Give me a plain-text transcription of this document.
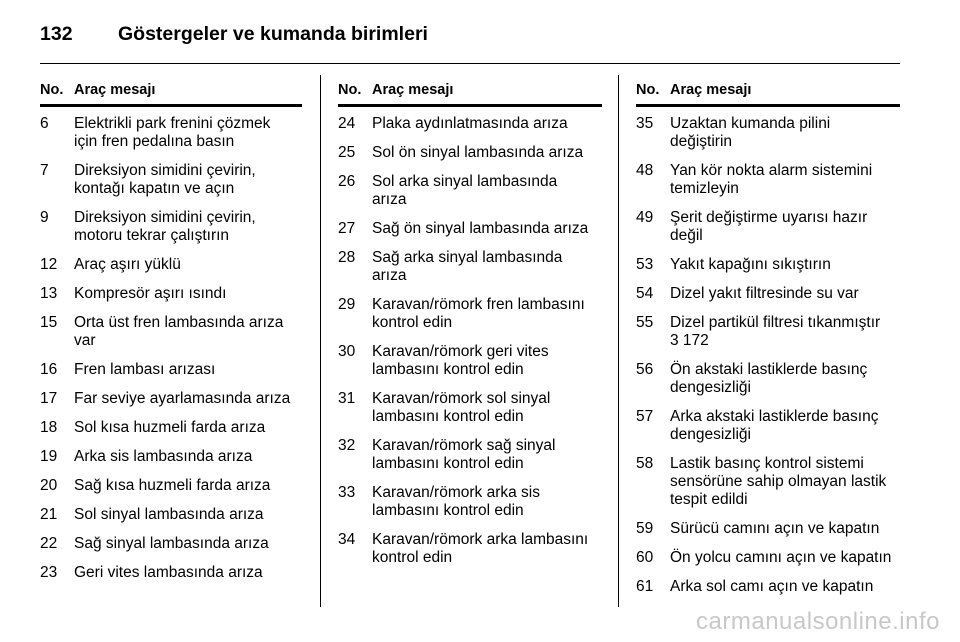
132	Göstergeler ve kumanda birimleri
No. Araç mesajı
6	Elektrikli park frenini çözmek
için fren pedalına basın
7	Direksiyon simidini çevirin,
kontağı kapatın ve açın
9	Direksiyon simidini çevirin,
motoru tekrar çalıştırın
12	Araç aşırı yüklü
13	Kompresör aşırı ısındı
15	Orta üst fren lambasında arıza
var
16	Fren lambası arızası
17	Far seviye ayarlamasında arıza
18	Sol kısa huzmeli farda arıza
19	Arka sis lambasında arıza
20	Sağ kısa huzmeli farda arıza
21	Sol sinyal lambasında arıza
22	Sağ sinyal lambasında arıza
23	Geri vites lambasında arıza
No. Araç mesajı
24	Plaka aydınlatmasında arıza
25	Sol ön sinyal lambasında arıza
26	Sol arka sinyal lambasında
arıza
27	Sağ ön sinyal lambasında arıza
28	Sağ arka sinyal lambasında
arıza
29	Karavan/römork fren lambasını
kontrol edin
30	Karavan/römork geri vites
lambasını kontrol edin
31	Karavan/römork sol sinyal
lambasını kontrol edin
32	Karavan/römork sağ sinyal
lambasını kontrol edin
33	Karavan/römork arka sis
lambasını kontrol edin
34	Karavan/römork arka lambasını
kontrol edin
No. Araç mesajı
35	Uzaktan kumanda pilini
değiştirin
48	Yan kör nokta alarm sistemini
temizleyin
49	Şerit değiştirme uyarısı hazır
değil
53	Yakıt kapağını sıkıştırın
54	Dizel yakıt filtresinde su var
55	Dizel partikül filtresi tıkanmıştır
3 172
56	Ön akstaki lastiklerde basınç
dengesizliği
57	Arka akstaki lastiklerde basınç
dengesizliği
58	Lastik basınç kontrol sistemi
sensörüne sahip olmayan lastik
tespit edildi
59	Sürücü camını açın ve kapatın
60	Ön yolcu camını açın ve kapatın
61	Arka sol camı açın ve kapatın
carmanualsonline.info
